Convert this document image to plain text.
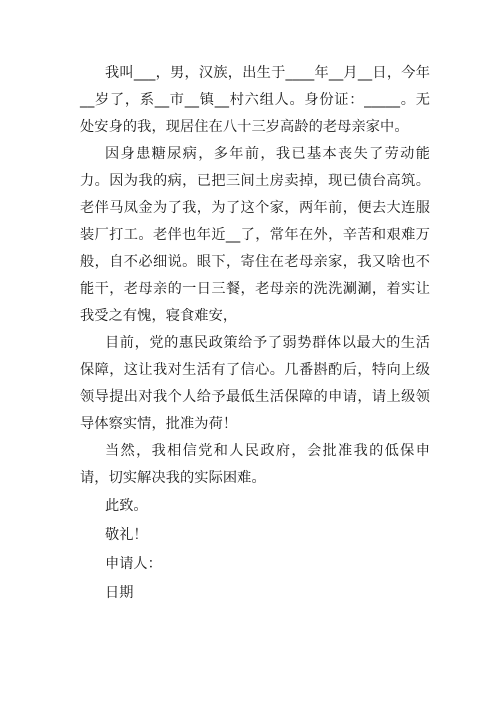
我叫___，男，汉族，出生于____年__月__日，今年__岁了，系__市__镇__村六组人。身份证：_____。无处安身的我，现居住在八十三岁高龄的老母亲家中。

因身患糖尿病，多年前，我已基本丧失了劳动能力。因为我的病，已把三间土房卖掉，现已债台高筑。老伴马凤金为了我，为了这个家，两年前，便去大连服装厂打工。老伴也年近__了，常年在外，辛苦和艰难万般，自不必细说。眼下，寄住在老母亲家，我又啥也不能干，老母亲的一日三餐，老母亲的洗洗涮涮，着实让我受之有愧，寝食难安，

目前，党的惠民政策给予了弱势群体以最大的生活保障，这让我对生活有了信心。几番斟酌后，特向上级领导提出对我个人给予最低生活保障的申请，请上级领导体察实情，批准为荷！

当然，我相信党和人民政府，会批准我的低保申请，切实解决我的实际困难。

此致。

敬礼！

申请人：

日期
